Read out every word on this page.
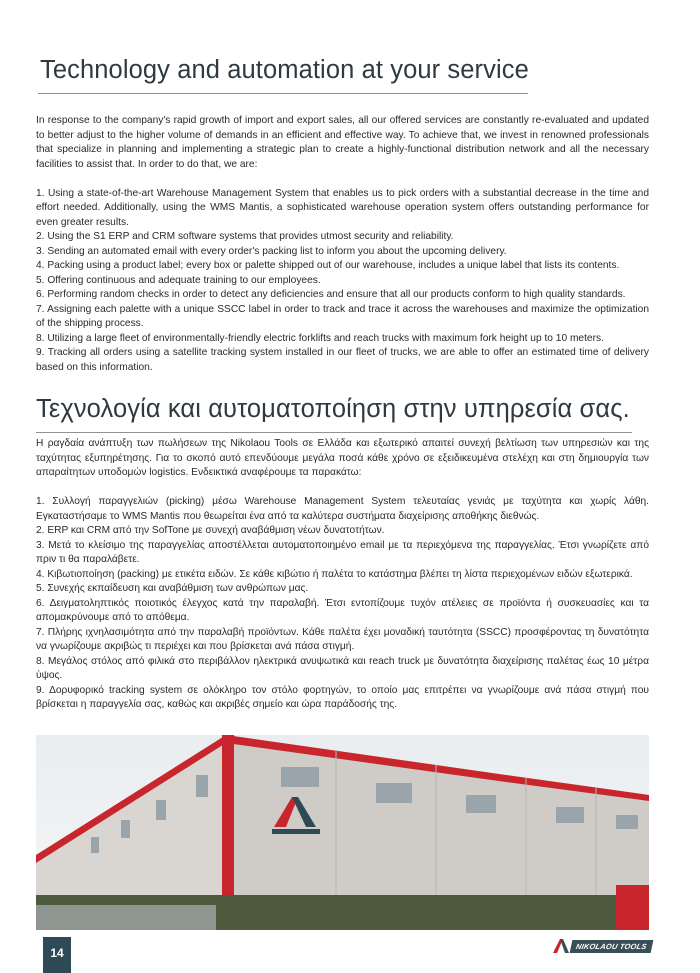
Technology and automation at your service

In response to the company's rapid growth of import and export sales, all our offered services are constantly re-evaluated and updated to better adjust to the higher volume of demands in an efficient and effective way. To achieve that, we invest in renowned professionals that specialize in planning and implementing a strategic plan to create a highly-functional distribution network and all the necessary facilities to assist that. In order to do that, we are:

1. Using a state-of-the-art Warehouse Management System that enables us to pick orders with a substantial decrease in the time and effort needed. Additionally, using the WMS Mantis, a sophisticated warehouse operation system offers outstanding performance for even greater results.

2. Using the S1 ERP and CRM software systems that provides utmost security and reliability.

3. Sending an automated email with every order's packing list to inform you about the upcoming delivery.

4. Packing using a product label; every box or palette shipped out of our warehouse, includes a unique label that lists its contents.

5. Offering continuous and adequate training to our employees.

6. Performing random checks in order to detect any deficiencies and ensure that all our products conform to high quality standards.

7. Assigning each palette with a unique SSCC label in order to track and trace it across the warehouses and maximize the optimization of the shipping process.

8. Utilizing a large fleet of environmentally-friendly electric forklifts and reach trucks with maximum fork height up to 10 meters.

9. Tracking all orders using a satellite tracking system installed in our fleet of trucks, we are able to offer an estimated time of delivery based on this information.

Τεχνολογία και αυτοματοποίηση στην υπηρεσία σας.

Η ραγδαία ανάπτυξη των πωλήσεων της Nikolaou Tools σε Ελλάδα και εξωτερικό απαιτεί συνεχή βελτίωση των υπηρεσιών και της ταχύτητας εξυπηρέτησης. Για το σκοπό αυτό επενδύουμε μεγάλα ποσά κάθε χρόνο σε εξειδικευμένα στελέχη και στη δημιουργία των απαραίτητων υποδομών logistics. Ενδεικτικά αναφέρουμε τα παρακάτω:

1. Συλλογή παραγγελιών (picking) μέσω Warehouse Management System τελευταίας γενιάς με ταχύτητα και χωρίς λάθη. Εγκαταστήσαμε το WMS Mantis που θεωρείται ένα από τα καλύτερα συστήματα διαχείρισης αποθήκης διεθνώς.

2. ERP και CRM από την SofTone με συνεχή αναβάθμιση νέων δυνατοτήτων.

3. Μετά το κλείσιμο της παραγγελίας αποστέλλεται αυτοματοποιημένο email με τα περιεχόμενα της παραγγελίας. Έτσι γνωρίζετε από πριν τι θα παραλάβετε.

4. Κιβωτιοποίηση (packing) με ετικέτα ειδών. Σε κάθε κιβώτιο ή παλέτα το κατάστημα βλέπει τη λίστα περιεχομένων ειδών εξωτερικά.

5. Συνεχής εκπαίδευση και αναβάθμιση των ανθρώπων μας.

6. Δειγματοληπτικός ποιοτικός έλεγχος κατά την παραλαβή. Έτσι εντοπίζουμε τυχόν ατέλειες σε προϊόντα ή συσκευασίες και τα απομακρύνουμε από το απόθεμα.

7. Πλήρης ιχνηλασιμότητα από την παραλαβή προϊόντων. Κάθε παλέτα έχει μοναδική ταυτότητα (SSCC) προσφέροντας τη δυνατότητα να γνωρίζουμε ακριβώς τι περιέχει και που βρίσκεται ανά πάσα στιγμή.

8. Μεγάλος στόλος από φιλικά στο περιβάλλον ηλεκτρικά ανυψωτικά και reach truck με δυνατότητα διαχείρισης παλέτας έως 10 μέτρα ύψος.

9. Δορυφορικό tracking system σε ολόκληρο τον στόλο φορτηγών, το οποίο μας επιτρέπει να γνωρίζουμε ανά πάσα στιγμή που βρίσκεται η παραγγελία σας, καθώς και ακριβές σημείο και ώρα παράδοσής της.

14	NIKOLAOU TOOLS
